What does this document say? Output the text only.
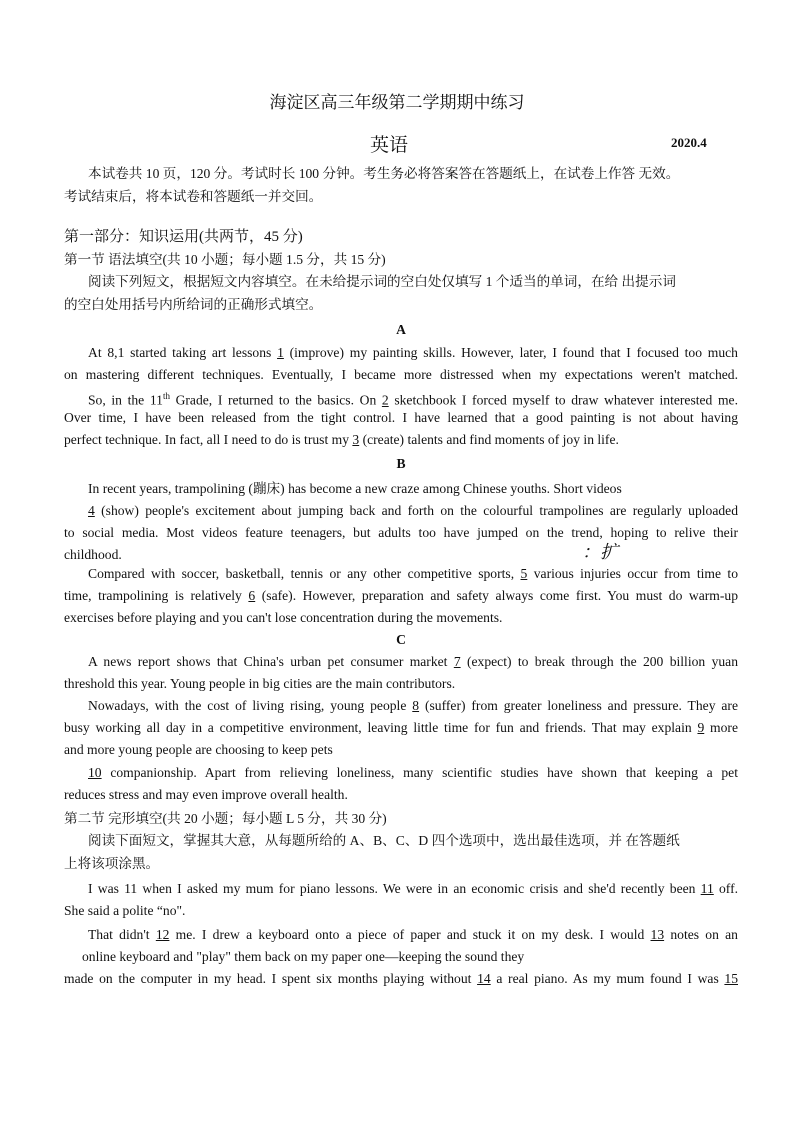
海淀区高三年级第二学期期中练习
英语	2020.4
本试卷共 10 页，120 分。考试时长 100 分钟。考生务必将答案答在答题纸上，在试卷上作答 无效。
考试结束后，将本试卷和答题纸一并交回。
第一部分：知识运用(共两节，45 分)
第一节 语法填空(共 10 小题；每小题 1.5 分，共 15 分)
阅读下列短文，根据短文内容填空。在未给提示词的空白处仅填写 1 个适当的单词，在给 出提示词
的空白处用括号内所给词的正确形式填空。
A
At 8,1 started taking art lessons 1 (improve) my painting skills. However, later, I found that I focused too much
on mastering different techniques. Eventually, I became more distressed when my expectations weren't matched.
So, in the 11th Grade, I returned to the basics. On 2 sketchbook I forced myself to draw whatever interested me.
Over time, I have been released from the tight control. I have learned that a good painting is not about having
perfect technique. In fact, all I need to do is trust my 3 (create) talents and find moments of joy in life.
B
In recent years, trampolining (蹦床) has become a new craze among Chinese youths. Short videos
4 (show) people's excitement about jumping back and forth on the colourful trampolines are regularly uploaded
to social media. Most videos feature teenagers, but adults too have jumped on the trend, hoping to relive their
childhood.	：扩
Compared with soccer, basketball, tennis or any other competitive sports, 5 various injuries occur from time to
time, trampolining is relatively 6 (safe). However, preparation and safety always come first. You must do warm-up
exercises before playing and you can't lose concentration during the movements.
C
A news report shows that China's urban pet consumer market 7 (expect) to break through the 200 billion yuan
threshold this year. Young people in big cities are the main contributors.
Nowadays, with the cost of living rising, young people 8 (suffer) from greater loneliness and pressure. They are
busy working all day in a competitive environment, leaving little time for fun and friends. That may explain 9 more
and more young people are choosing to keep pets
10 companionship. Apart from relieving loneliness, many scientific studies have shown that keeping a pet
reduces stress and may even improve overall health.
第二节 完形填空(共 20 小题；每小题 L 5 分，共 30 分)
阅读下面短文，掌握其大意，从每题所给的 A、B、C、D 四个选项中，选出最佳选项，并 在答题纸
上将该项涂黑。
I was 11 when I asked my mum for piano lessons. We were in an economic crisis and she'd recently been 11 off.
She said a polite “no".
That didn't 12 me. I drew a keyboard onto a piece of paper and stuck it on my desk. I would 13 notes on an
online keyboard and "play" them back on my paper one—keeping the sound they
made on the computer in my head. I spent six months playing without 14 a real piano. As my mum found I was 15
